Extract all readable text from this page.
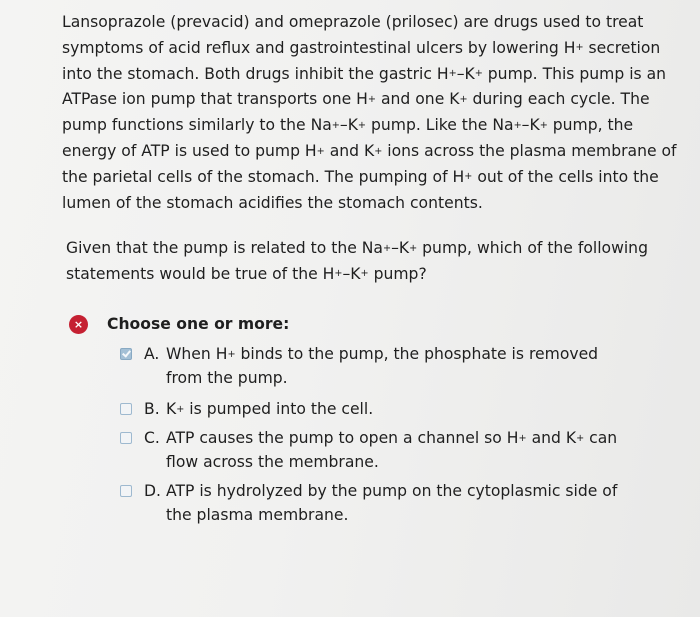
Lansoprazole (prevacid) and omeprazole (prilosec) are drugs used to treat
symptoms of acid reflux and gastrointestinal ulcers by lowering H+ secretion
into the stomach. Both drugs inhibit the gastric H+–K+ pump. This pump is an
ATPase ion pump that transports one H+ and one K+ during each cycle. The
pump functions similarly to the Na+–K+ pump. Like the Na+–K+ pump, the
energy of ATP is used to pump H+ and K+ ions across the plasma membrane of
the parietal cells of the stomach. The pumping of H+ out of the cells into the
lumen of the stomach acidifies the stomach contents.
Given that the pump is related to the Na+–K+ pump, which of the following
statements would be true of the H+–K+ pump?
×	Choose one or more:
A. When H+ binds to the pump, the phosphate is removed
from the pump.
B. K+ is pumped into the cell.
C. ATP causes the pump to open a channel so H+ and K+ can
flow across the membrane.
D. ATP is hydrolyzed by the pump on the cytoplasmic side of
the plasma membrane.
